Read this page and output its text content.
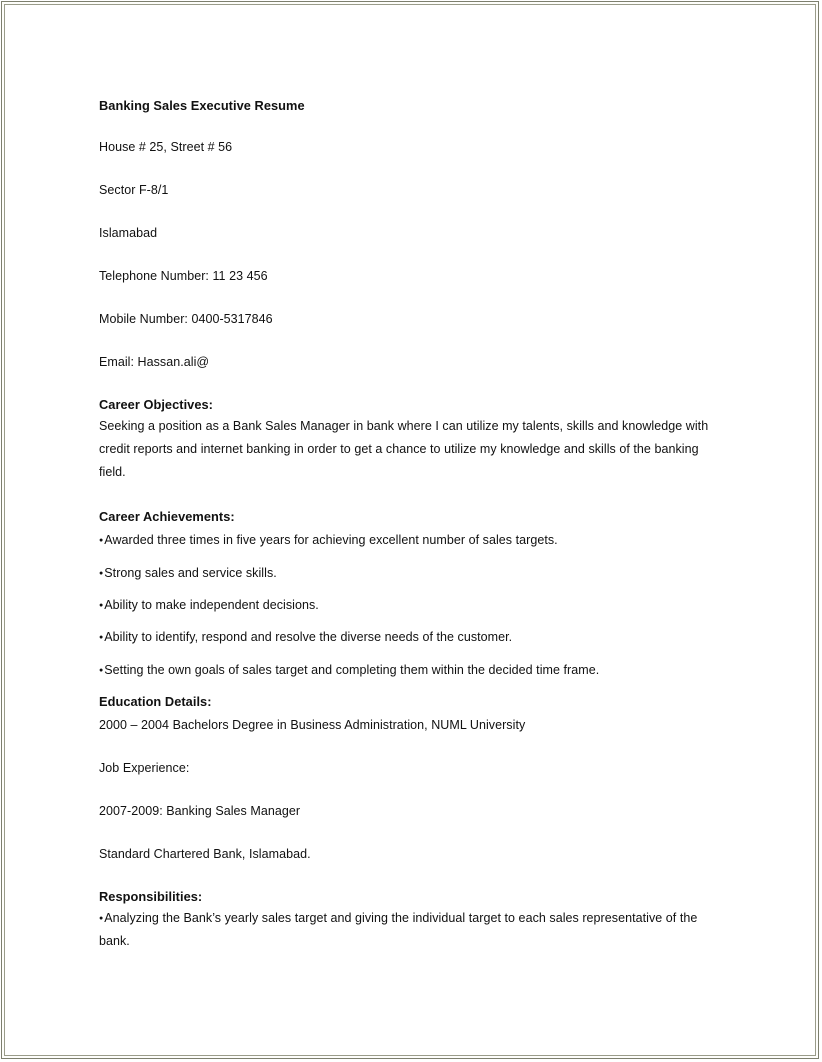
Banking Sales Executive Resume
House # 25, Street # 56
Sector F-8/1
Islamabad
Telephone Number: 11 23 456
Mobile Number: 0400-5317846
Email: Hassan.ali@
Career Objectives:
Seeking a position as a Bank Sales Manager in bank where I can utilize my talents, skills and knowledge with credit reports and internet banking in order to get a chance to utilize my knowledge and skills of the banking field.
Career Achievements:
● Awarded three times in five years for achieving excellent number of sales targets.
● Strong sales and service skills.
● Ability to make independent decisions.
● Ability to identify, respond and resolve the diverse needs of the customer.
● Setting the own goals of sales target and completing them within the decided time frame.
Education Details:
2000 – 2004 Bachelors Degree in Business Administration, NUML University
Job Experience:
2007-2009: Banking Sales Manager
Standard Chartered Bank, Islamabad.
Responsibilities:
● Analyzing the Bank’s yearly sales target and giving the individual target to each sales representative of the bank.
